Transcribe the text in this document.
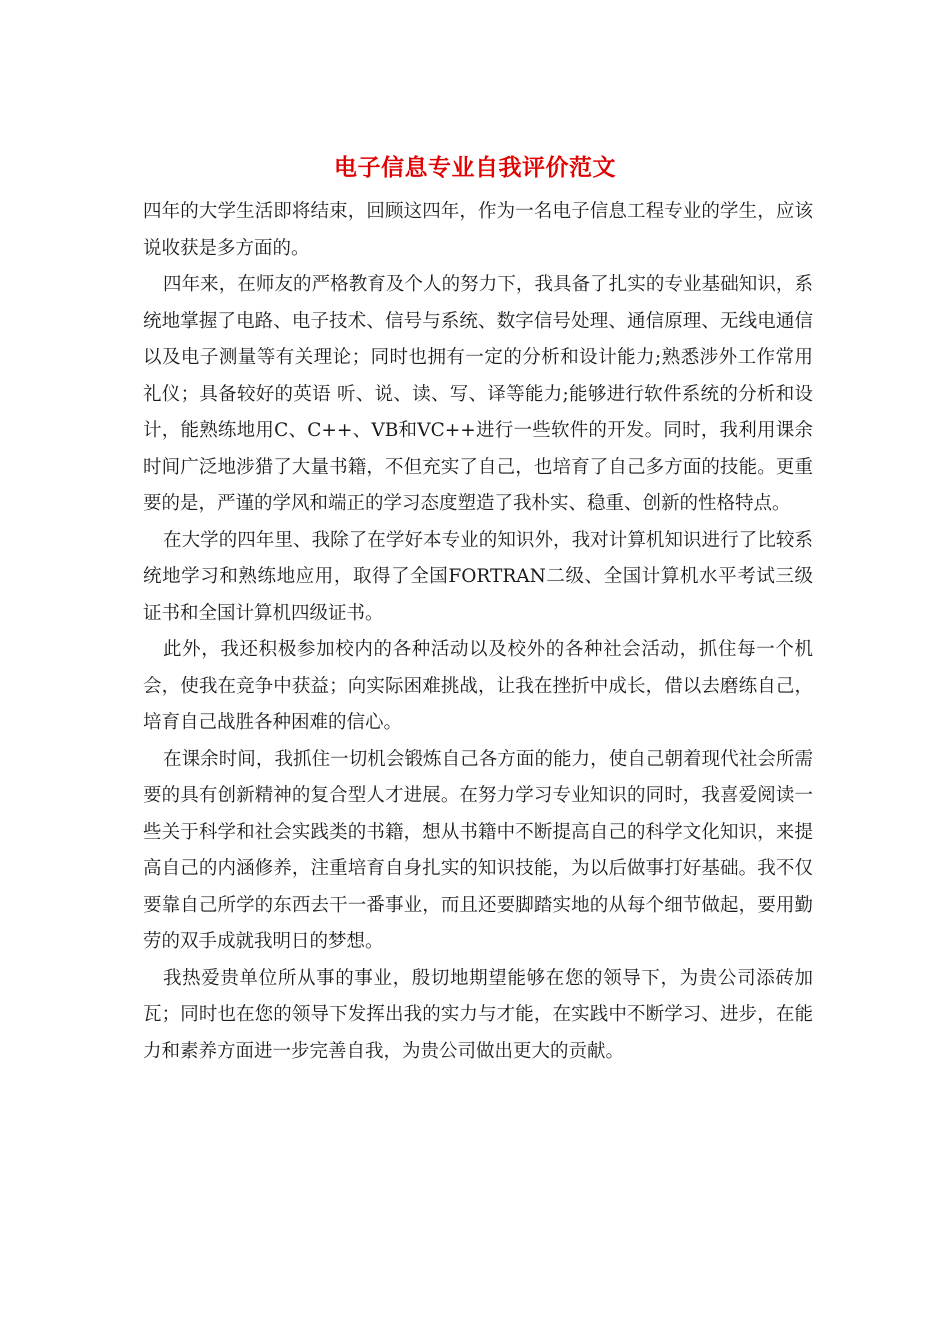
电子信息专业自我评价范文

四年的大学生活即将结束，回顾这四年，作为一名电子信息工程专业的学生，应该说收获是多方面的。

四年来，在师友的严格教育及个人的努力下，我具备了扎实的专业基础知识，系统地掌握了电路、电子技术、信号与系统、数字信号处理、通信原理、无线电通信以及电子测量等有关理论；同时也拥有一定的分析和设计能力;熟悉涉外工作常用礼仪；具备较好的英语 听、说、读、写、译等能力;能够进行软件系统的分析和设计，能熟练地用C、C++、VB和VC++进行一些软件的开发。同时，我利用课余时间广泛地涉猎了大量书籍，不但充实了自己，也培育了自己多方面的技能。更重要的是，严谨的学风和端正的学习态度塑造了我朴实、稳重、创新的性格特点。

在大学的四年里、我除了在学好本专业的知识外，我对计算机知识进行了比较系统地学习和熟练地应用，取得了全国FORTRAN二级、全国计算机水平考试三级证书和全国计算机四级证书。

此外，我还积极参加校内的各种活动以及校外的各种社会活动，抓住每一个机会，使我在竞争中获益；向实际困难挑战，让我在挫折中成长，借以去磨练自己，培育自己战胜各种困难的信心。

在课余时间，我抓住一切机会锻炼自己各方面的能力，使自己朝着现代社会所需要的具有创新精神的复合型人才进展。在努力学习专业知识的同时，我喜爱阅读一些关于科学和社会实践类的书籍，想从书籍中不断提高自己的科学文化知识，来提高自己的内涵修养，注重培育自身扎实的知识技能，为以后做事打好基础。我不仅要靠自己所学的东西去干一番事业，而且还要脚踏实地的从每个细节做起，要用勤劳的双手成就我明日的梦想。

我热爱贵单位所从事的事业，殷切地期望能够在您的领导下，为贵公司添砖加瓦；同时也在您的领导下发挥出我的实力与才能，在实践中不断学习、进步，在能力和素养方面进一步完善自我，为贵公司做出更大的贡献。
